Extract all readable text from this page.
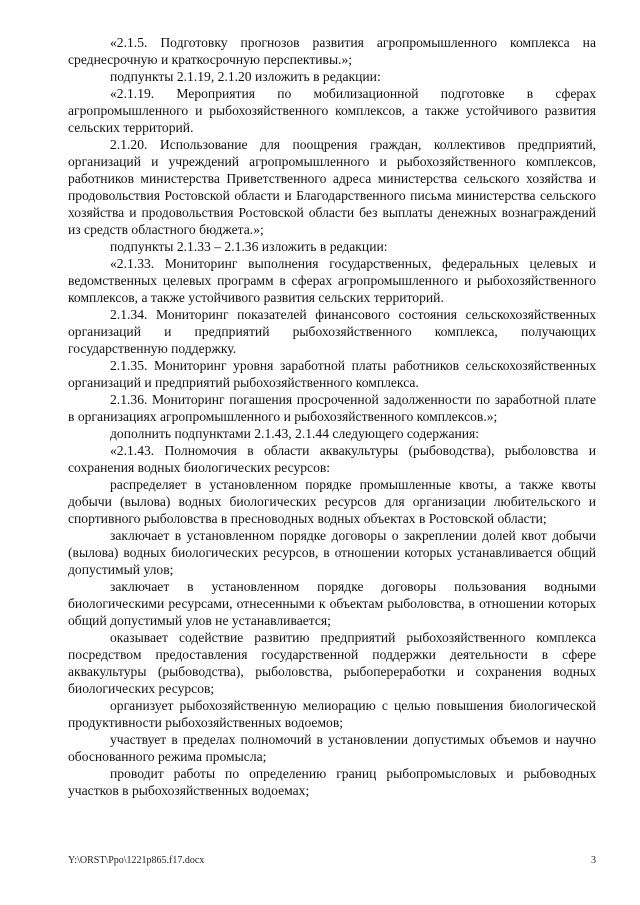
«2.1.5. Подготовку прогнозов развития агропромышленного комплекса на среднесрочную и краткосрочную перспективы.»;

подпункты 2.1.19, 2.1.20 изложить в редакции:

«2.1.19. Мероприятия по мобилизационной подготовке в сферах агропромышленного и рыбохозяйственного комплексов, а также устойчивого развития сельских территорий.

2.1.20. Использование для поощрения граждан, коллективов предприятий, организаций и учреждений агропромышленного и рыбохозяйственного комплексов, работников министерства Приветственного адреса министерства сельского хозяйства и продовольствия Ростовской области и Благодарственного письма министерства сельского хозяйства и продовольствия Ростовской области без выплаты денежных вознаграждений из средств областного бюджета.»;

подпункты 2.1.33 – 2.1.36 изложить в редакции:

«2.1.33. Мониторинг выполнения государственных, федеральных целевых и ведомственных целевых программ в сферах агропромышленного и рыбохозяйственного комплексов, а также устойчивого развития сельских территорий.

2.1.34. Мониторинг показателей финансового состояния сельскохозяйственных организаций и предприятий рыбохозяйственного комплекса, получающих государственную поддержку.

2.1.35. Мониторинг уровня заработной платы работников сельскохозяйственных организаций и предприятий рыбохозяйственного комплекса.

2.1.36. Мониторинг погашения просроченной задолженности по заработной плате в организациях агропромышленного и рыбохозяйственного комплексов.»;

дополнить подпунктами 2.1.43, 2.1.44 следующего содержания:

«2.1.43. Полномочия в области аквакультуры (рыбоводства), рыболовства и сохранения водных биологических ресурсов:

распределяет в установленном порядке промышленные квоты, а также квоты добычи (вылова) водных биологических ресурсов для организации любительского и спортивного рыболовства в пресноводных водных объектах в Ростовской области;

заключает в установленном порядке договоры о закреплении долей квот добычи (вылова) водных биологических ресурсов, в отношении которых устанавливается общий допустимый улов;

заключает в установленном порядке договоры пользования водными биологическими ресурсами, отнесенными к объектам рыболовства, в отношении которых общий допустимый улов не устанавливается;

оказывает содействие развитию предприятий рыбохозяйственного комплекса посредством предоставления государственной поддержки деятельности в сфере аквакультуры (рыбоводства), рыболовства, рыбопереработки и сохранения водных биологических ресурсов;

организует рыбохозяйственную мелиорацию с целью повышения биологической продуктивности рыбохозяйственных водоемов;

участвует в пределах полномочий в установлении допустимых объемов и научно обоснованного режима промысла;

проводит работы по определению границ рыбопромысловых и рыбоводных участков в рыбохозяйственных водоемах;

Y:\ORST\Ppo\1221p865.f17.docx	3
